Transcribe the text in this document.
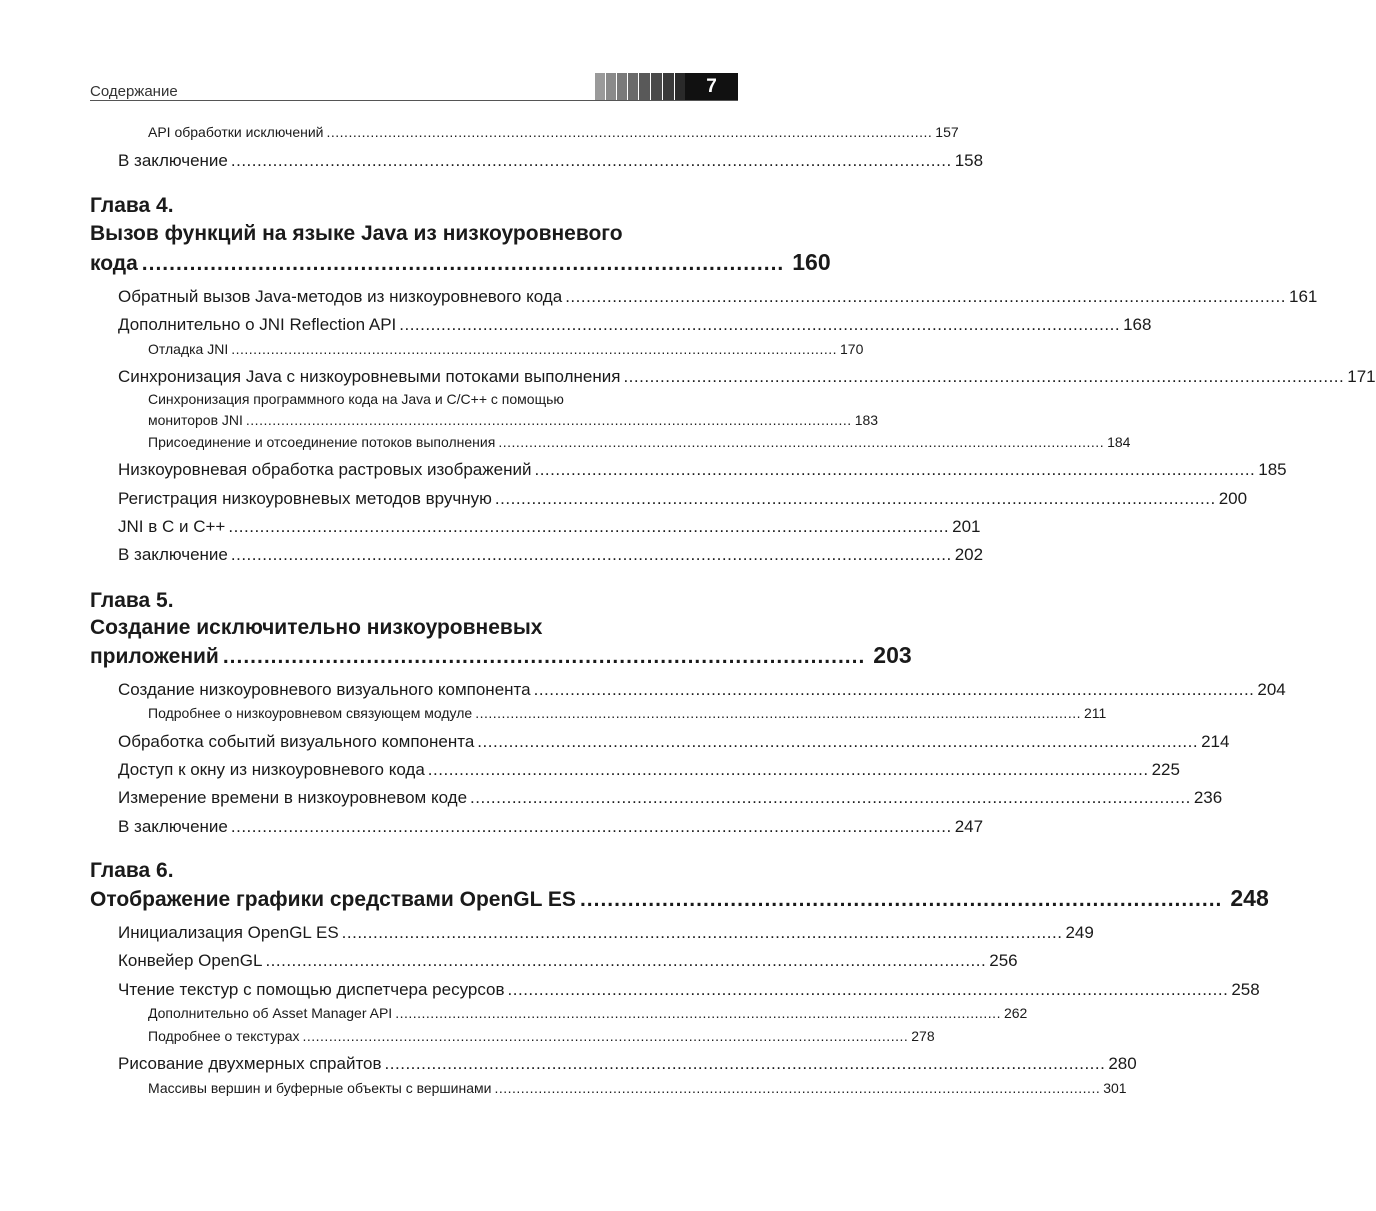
Содержание	7
API обработки исключений .......................................................................................................................................... 157
В заключение .......................................................................................................................................... 158
Глава 4.
Вызов функций на языке Java из низкоуровневого
кода .............................................................................................. 160
Обратный вызов Java-методов из низкоуровневого кода .......................................................................................................................................... 161
Дополнительно о JNI Reflection API .......................................................................................................................................... 168
Отладка JNI .......................................................................................................................................... 170
Синхронизация Java с низкоуровневыми потоками выполнения .......................................................................................................................................... 171
Синхронизация программного кода на Java и C/C++ с помощью
мониторов JNI .......................................................................................................................................... 183
Присоединение и отсоединение потоков выполнения .......................................................................................................................................... 184
Низкоуровневая обработка растровых изображений .......................................................................................................................................... 185
Регистрация низкоуровневых методов вручную .......................................................................................................................................... 200
JNI в C и C++ .......................................................................................................................................... 201
В заключение .......................................................................................................................................... 202
Глава 5.
Создание исключительно низкоуровневых
приложений .............................................................................................. 203
Создание низкоуровневого визуального компонента .......................................................................................................................................... 204
Подробнее о низкоуровневом связующем модуле .......................................................................................................................................... 211
Обработка событий визуального компонента .......................................................................................................................................... 214
Доступ к окну из низкоуровневого кода .......................................................................................................................................... 225
Измерение времени в низкоуровневом коде .......................................................................................................................................... 236
В заключение .......................................................................................................................................... 247
Глава 6.
Отображение графики средствами OpenGL ES .............................................................................................. 248
Инициализация OpenGL ES .......................................................................................................................................... 249
Конвейер OpenGL .......................................................................................................................................... 256
Чтение текстур с помощью диспетчера ресурсов .......................................................................................................................................... 258
Дополнительно об Asset Manager API .......................................................................................................................................... 262
Подробнее о текстурах .......................................................................................................................................... 278
Рисование двухмерных спрайтов .......................................................................................................................................... 280
Массивы вершин и буферные объекты с вершинами .......................................................................................................................................... 301
